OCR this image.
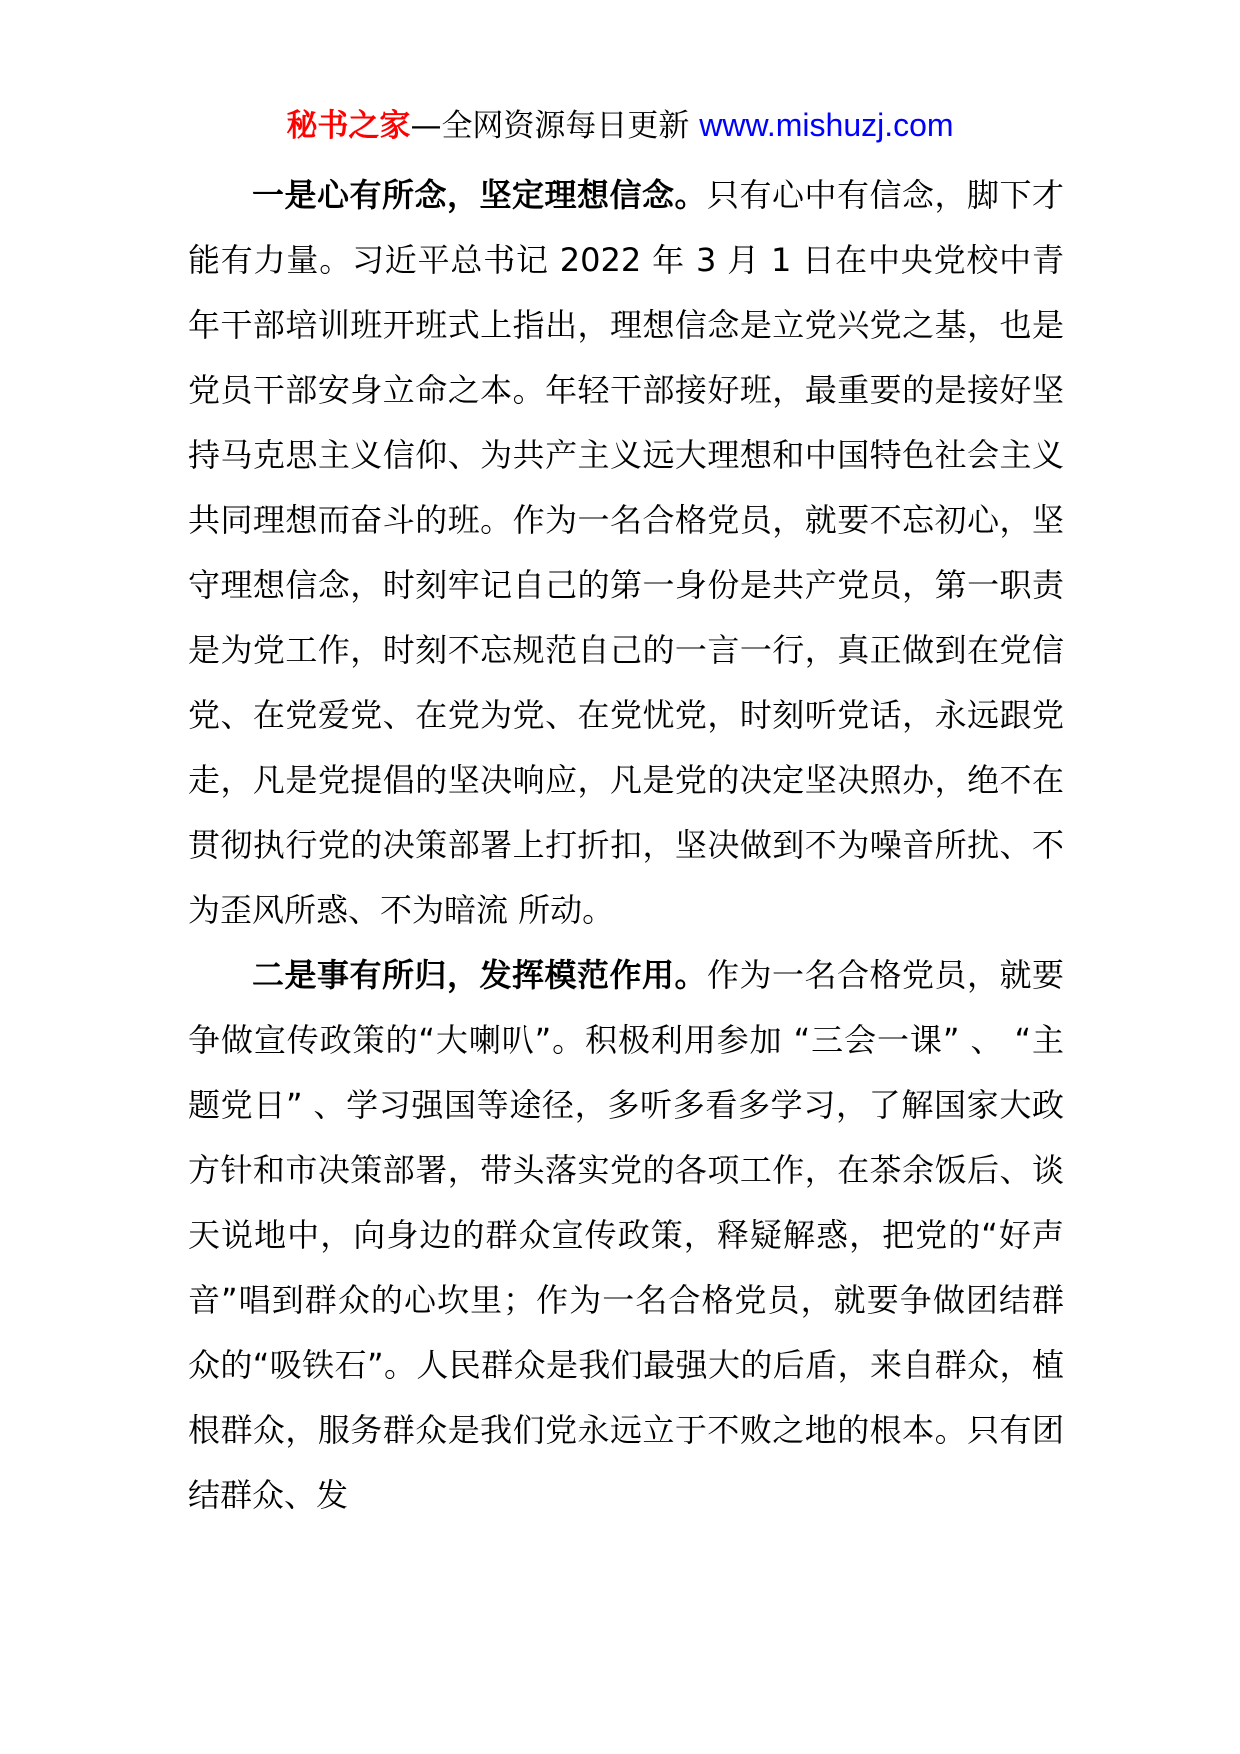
秘书之家—全网资源每日更新 www.mishuzj.com

一是心有所念，坚定理想信念。只有心中有信念，脚下才能有力量。习近平总书记 2022 年 3 月 1 日在中央党校中青年干部培训班开班式上指出，理想信念是立党兴党之基，也是党员干部安身立命之本。年轻干部接好班，最重要的是接好坚持马克思主义信仰、为共产主义远大理想和中国特色社会主义共同理想而奋斗的班。作为一名合格党员，就要不忘初心，坚守理想信念，时刻牢记自己的第一身份是共产党员，第一职责是为党工作，时刻不忘规范自己的一言一行，真正做到在党信党、在党爱党、在党为党、在党忧党，时刻听党话，永远跟党走，凡是党提倡的坚决响应，凡是党的决定坚决照办，绝不在贯彻执行党的决策部署上打折扣，坚决做到不为噪音所扰、不为歪风所惑、不为暗流 所动。

二是事有所归，发挥模范作用。作为一名合格党员，就要争做宣传政策的“大喇叭”。积极利用参加 “三会一课” 、 “主题党日” 、学习强国等途径，多听多看多学习，了解国家大政方针和市决策部署，带头落实党的各项工作，在茶余饭后、谈天说地中，向身边的群众宣传政策，释疑解惑，把党的“好声音”唱到群众的心坎里；作为一名合格党员，就要争做团结群众的“吸铁石”。人民群众是我们最强大的后盾，来自群众，植根群众，服务群众是我们党永远立于不败之地的根本。只有团结群众、发
